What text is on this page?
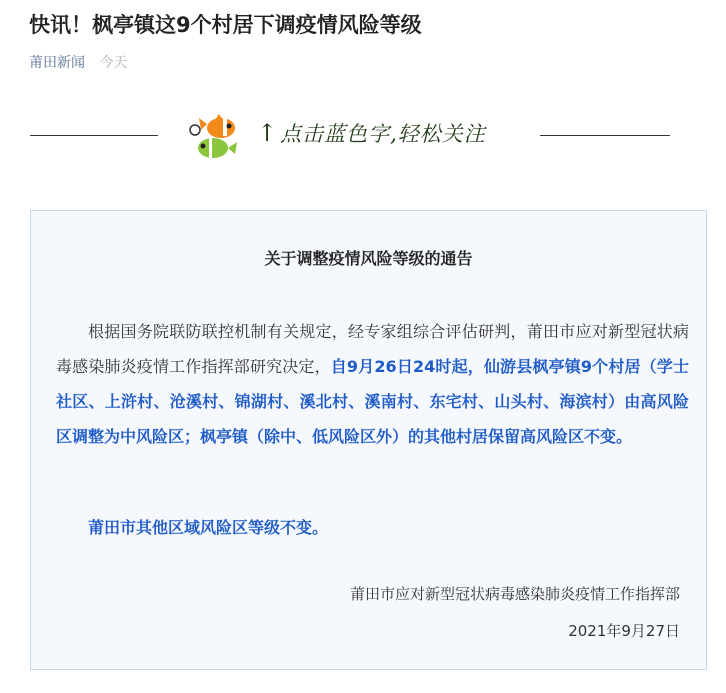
快讯！枫亭镇这9个村居下调疫情风险等级
莆田新闻 今天
↑点击蓝色字,轻松关注
关于调整疫情风险等级的通告

根据国务院联防联控机制有关规定，经专家组综合评估研判，莆田市应对新型冠状病毒感染肺炎疫情工作指挥部研究决定，自9月26日24时起，仙游县枫亭镇9个村居（学士社区、上浒村、沧溪村、锦湖村、溪北村、溪南村、东宅村、山头村、海滨村）由高风险区调整为中风险区；枫亭镇（除中、低风险区外）的其他村居保留高风险区不变。

莆田市其他区域风险区等级不变。
莆田市应对新型冠状病毒感染肺炎疫情工作指挥部
2021年9月27日
